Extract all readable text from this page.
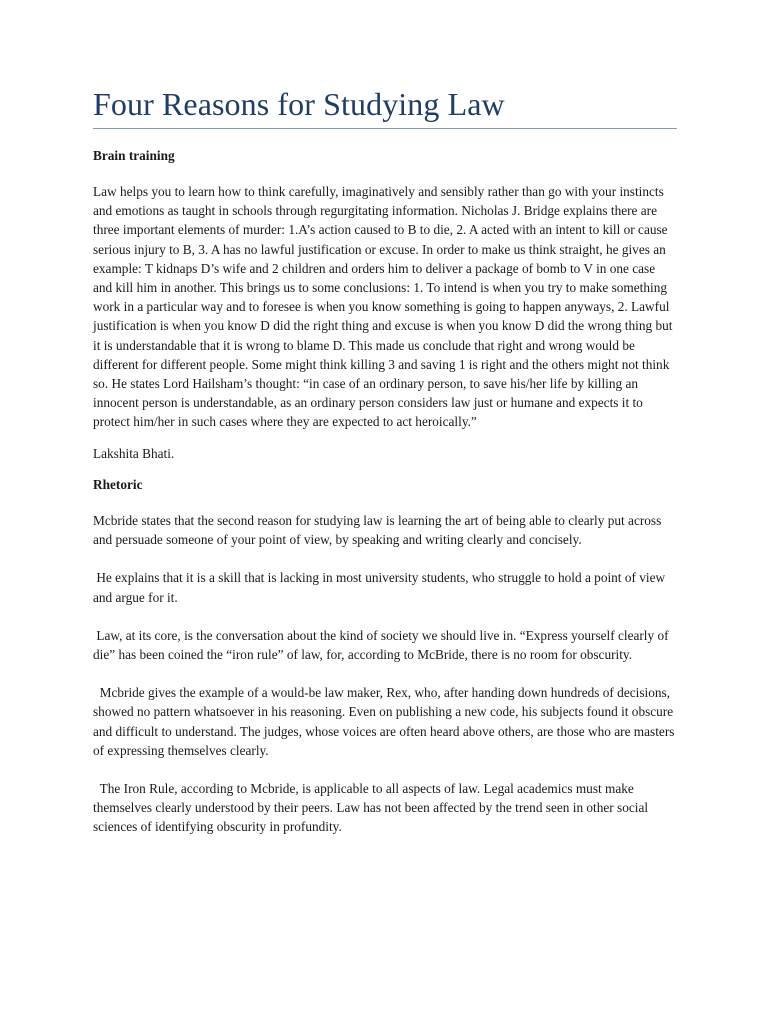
Four Reasons for Studying Law
Brain training

Law helps you to learn how to think carefully, imaginatively and sensibly rather than go with your instincts and emotions as taught in schools through regurgitating information. Nicholas J. Bridge explains there are three important elements of murder: 1.A’s action caused to B to die, 2. A acted with an intent to kill or cause serious injury to B, 3. A has no lawful justification or excuse. In order to make us think straight, he gives an example: T kidnaps D’s wife and 2 children and orders him to deliver a package of bomb to V in one case and kill him in another. This brings us to some conclusions: 1. To intend is when you try to make something work in a particular way and to foresee is when you know something is going to happen anyways, 2. Lawful justification is when you know D did the right thing and excuse is when you know D did the wrong thing but it is understandable that it is wrong to blame D. This made us conclude that right and wrong would be different for different people. Some might think killing 3 and saving 1 is right and the others might not think so. He states Lord Hailsham’s thought: “in case of an ordinary person, to save his/her life by killing an innocent person is understandable, as an ordinary person considers law just or humane and expects it to protect him/her in such cases where they are expected to act heroically.”

Lakshita Bhati.

Rhetoric

Mcbride states that the second reason for studying law is learning the art of being able to clearly put across and persuade someone of your point of view, by speaking and writing clearly and concisely.

He explains that it is a skill that is lacking in most university students, who struggle to hold a point of view and argue for it.

Law, at its core, is the conversation about the kind of society we should live in. “Express yourself clearly of die” has been coined the “iron rule” of law, for, according to McBride, there is no room for obscurity.

Mcbride gives the example of a would-be law maker, Rex, who, after handing down hundreds of decisions, showed no pattern whatsoever in his reasoning. Even on publishing a new code, his subjects found it obscure and difficult to understand. The judges, whose voices are often heard above others, are those who are masters of expressing themselves clearly.

The Iron Rule, according to Mcbride, is applicable to all aspects of law. Legal academics must make themselves clearly understood by their peers. Law has not been affected by the trend seen in other social sciences of identifying obscurity in profundity.
